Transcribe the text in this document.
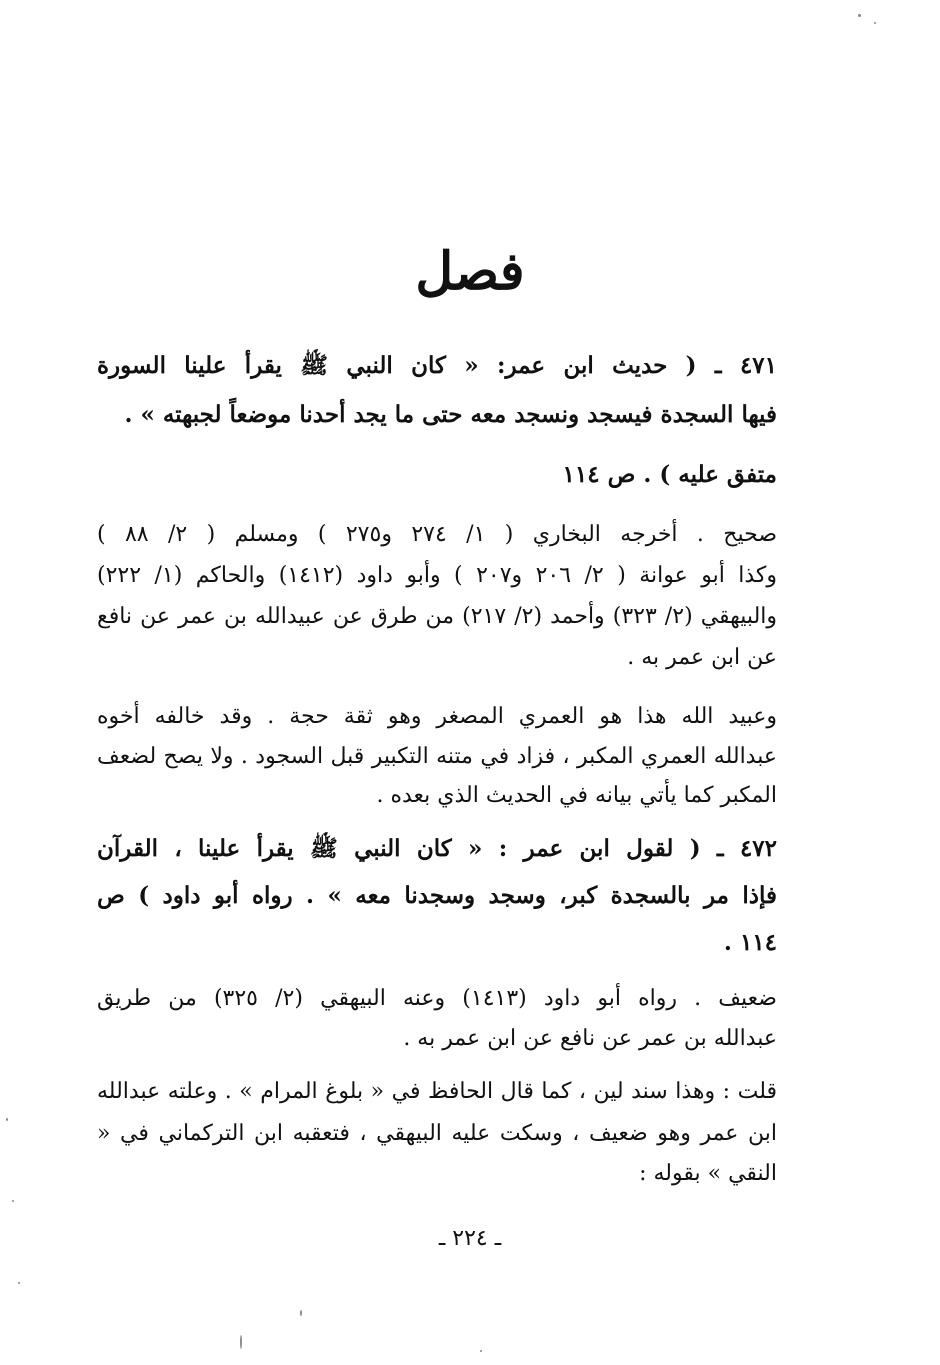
فصل
٤٧١ ـ ( حديث ابن عمر: « كان النبي ﷺ يقرأ علينا السورة
فيها السجدة فيسجد ونسجد معه حتى ما يجد أحدنا موضعاً لجبهته » .
متفق عليه ) . ص ١١٤
صحيح . أخرجه البخاري ( ١/ ٢٧٤ و٢٧٥ ) ومسلم ( ٢/ ٨٨ )
وكذا أبو عوانة ( ٢/ ٢٠٦ و٢٠٧ ) وأبو داود (١٤١٢) والحاكم (١/ ٢٢٢)
والبيهقي (٢/ ٣٢٣) وأحمد (٢/ ٢١٧) من طرق عن عبيدالله بن عمر عن نافع
عن ابن عمر به .
وعبيد الله هذا هو العمري المصغر وهو ثقة حجة . وقد خالفه أخوه
عبدالله العمري المكبر ، فزاد في متنه التكبير قبل السجود . ولا يصح لضعف
المكبر كما يأتي بيانه في الحديث الذي بعده .
٤٧٢ ـ ( لقول ابن عمر : « كان النبي ﷺ يقرأ علينا ، القرآن
فإذا مر بالسجدة كبر، وسجد وسجدنا معه » . رواه أبو داود ) ص
١١٤ .
ضعيف . رواه أبو داود (١٤١٣) وعنه البيهقي (٢/ ٣٢٥) من طريق
عبدالله بن عمر عن نافع عن ابن عمر به .
قلت : وهذا سند لين ، كما قال الحافظ في « بلوغ المرام » . وعلته عبدالله
ابن عمر وهو ضعيف ، وسكت عليه البيهقي ، فتعقبه ابن التركماني في «
النقي » بقوله :
ـ ٢٢٤ ـ
